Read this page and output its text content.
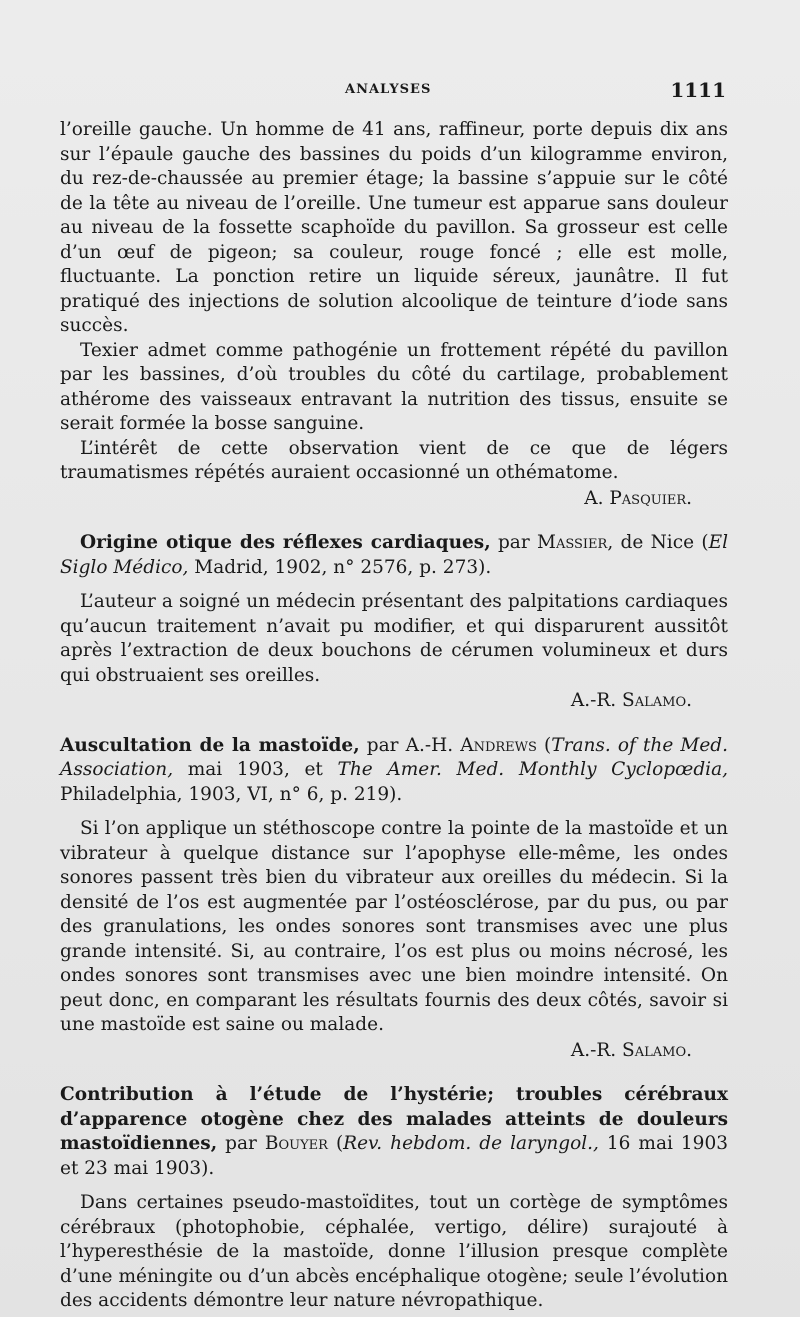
ANALYSES	1111

l’oreille gauche. Un homme de 41 ans, raffineur, porte depuis dix ans sur l’épaule gauche des bassines du poids d’un kilogramme environ, du rez-de-chaussée au premier étage; la bassine s’appuie sur le côté de la tête au niveau de l’oreille. Une tumeur est apparue sans douleur au niveau de la fossette scaphoïde du pavillon. Sa grosseur est celle d’un œuf de pigeon; sa couleur, rouge foncé ; elle est molle, fluctuante. La ponction retire un liquide séreux, jaunâtre. Il fut pratiqué des injections de solution alcoolique de teinture d’iode sans succès.

Texier admet comme pathogénie un frottement répété du pavillon par les bassines, d’où troubles du côté du cartilage, probablement athérome des vaisseaux entravant la nutrition des tissus, ensuite se serait formée la bosse sanguine.

L’intérêt de cette observation vient de ce que de légers traumatismes répétés auraient occasionné un othématome.

A. Pasquier.

Origine otique des réflexes cardiaques, par Massier, de Nice (El Siglo Médico, Madrid, 1902, n° 2576, p. 273).

L’auteur a soigné un médecin présentant des palpitations cardiaques qu’aucun traitement n’avait pu modifier, et qui disparurent aussitôt après l’extraction de deux bouchons de cérumen volumineux et durs qui obstruaient ses oreilles.

A.-R. Salamo.

Auscultation de la mastoïde, par A.-H. Andrews (Trans. of the Med. Association, mai 1903, et The Amer. Med. Monthly Cyclopœdia, Philadelphia, 1903, VI, n° 6, p. 219).

Si l’on applique un stéthoscope contre la pointe de la mastoïde et un vibrateur à quelque distance sur l’apophyse elle-même, les ondes sonores passent très bien du vibrateur aux oreilles du médecin. Si la densité de l’os est augmentée par l’ostéosclérose, par du pus, ou par des granulations, les ondes sonores sont transmises avec une plus grande intensité. Si, au contraire, l’os est plus ou moins nécrosé, les ondes sonores sont transmises avec une bien moindre intensité. On peut donc, en comparant les résultats fournis des deux côtés, savoir si une mastoïde est saine ou malade.

A.-R. Salamo.

Contribution à l’étude de l’hystérie; troubles cérébraux d’apparence otogène chez des malades atteints de douleurs mastoïdiennes, par Bouyer (Rev. hebdom. de laryngol., 16 mai 1903 et 23 mai 1903).

Dans certaines pseudo-mastoïdites, tout un cortège de symptômes cérébraux (photophobie, céphalée, vertigo, délire) surajouté à l’hyperesthésie de la mastoïde, donne l’illusion presque complète d’une méningite ou d’un abcès encéphalique otogène; seule l’évolution des accidents démontre leur nature névropathique.
